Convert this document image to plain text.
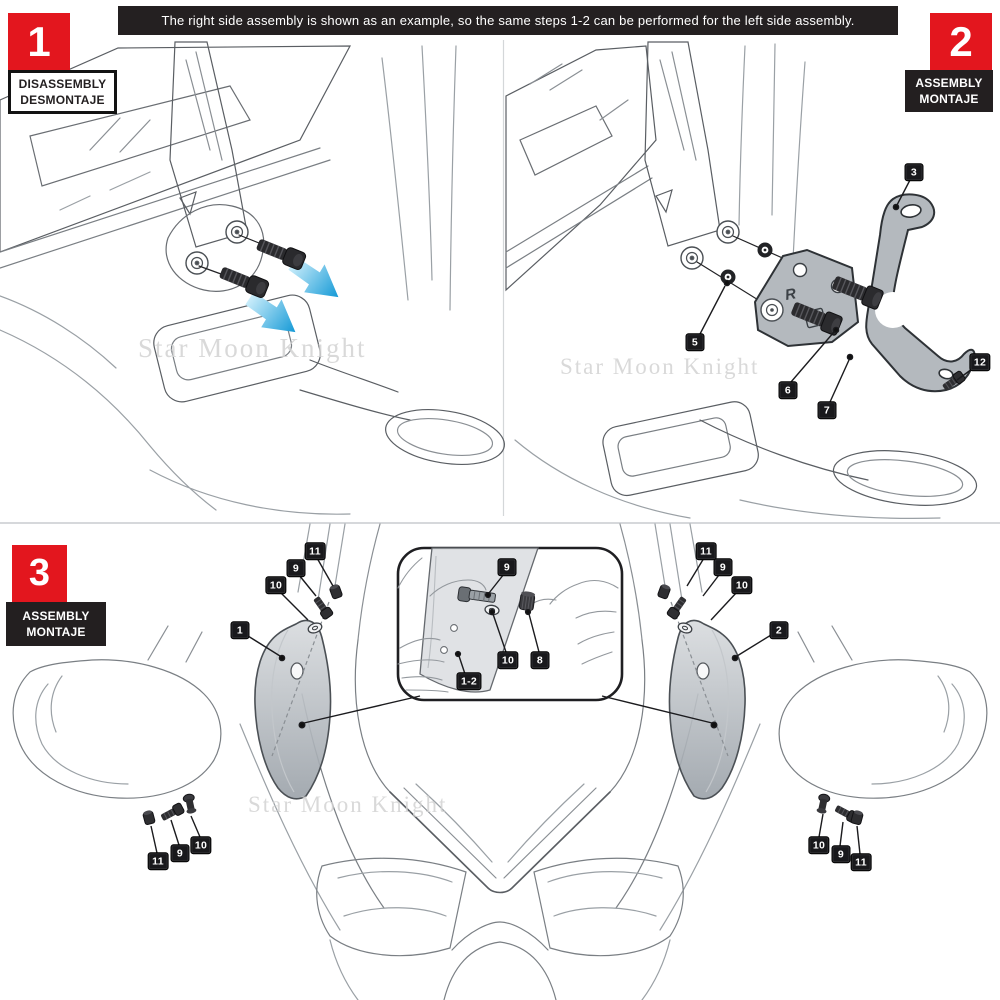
R
The right side assembly is shown as an example, so the same steps 1-2 can be performed for the left side assembly.
1
DISASSEMBLY
DESMONTAJE
2
ASSEMBLY
MONTAJE
3
ASSEMBLY
MONTAJE
Star Moon Knight
Star Moon Knight
Star Moon Knight
3
5
6
7
12
11
9
10
1
11
9
10
2
9
10	8
1-2
11
9
10	10
9
11
